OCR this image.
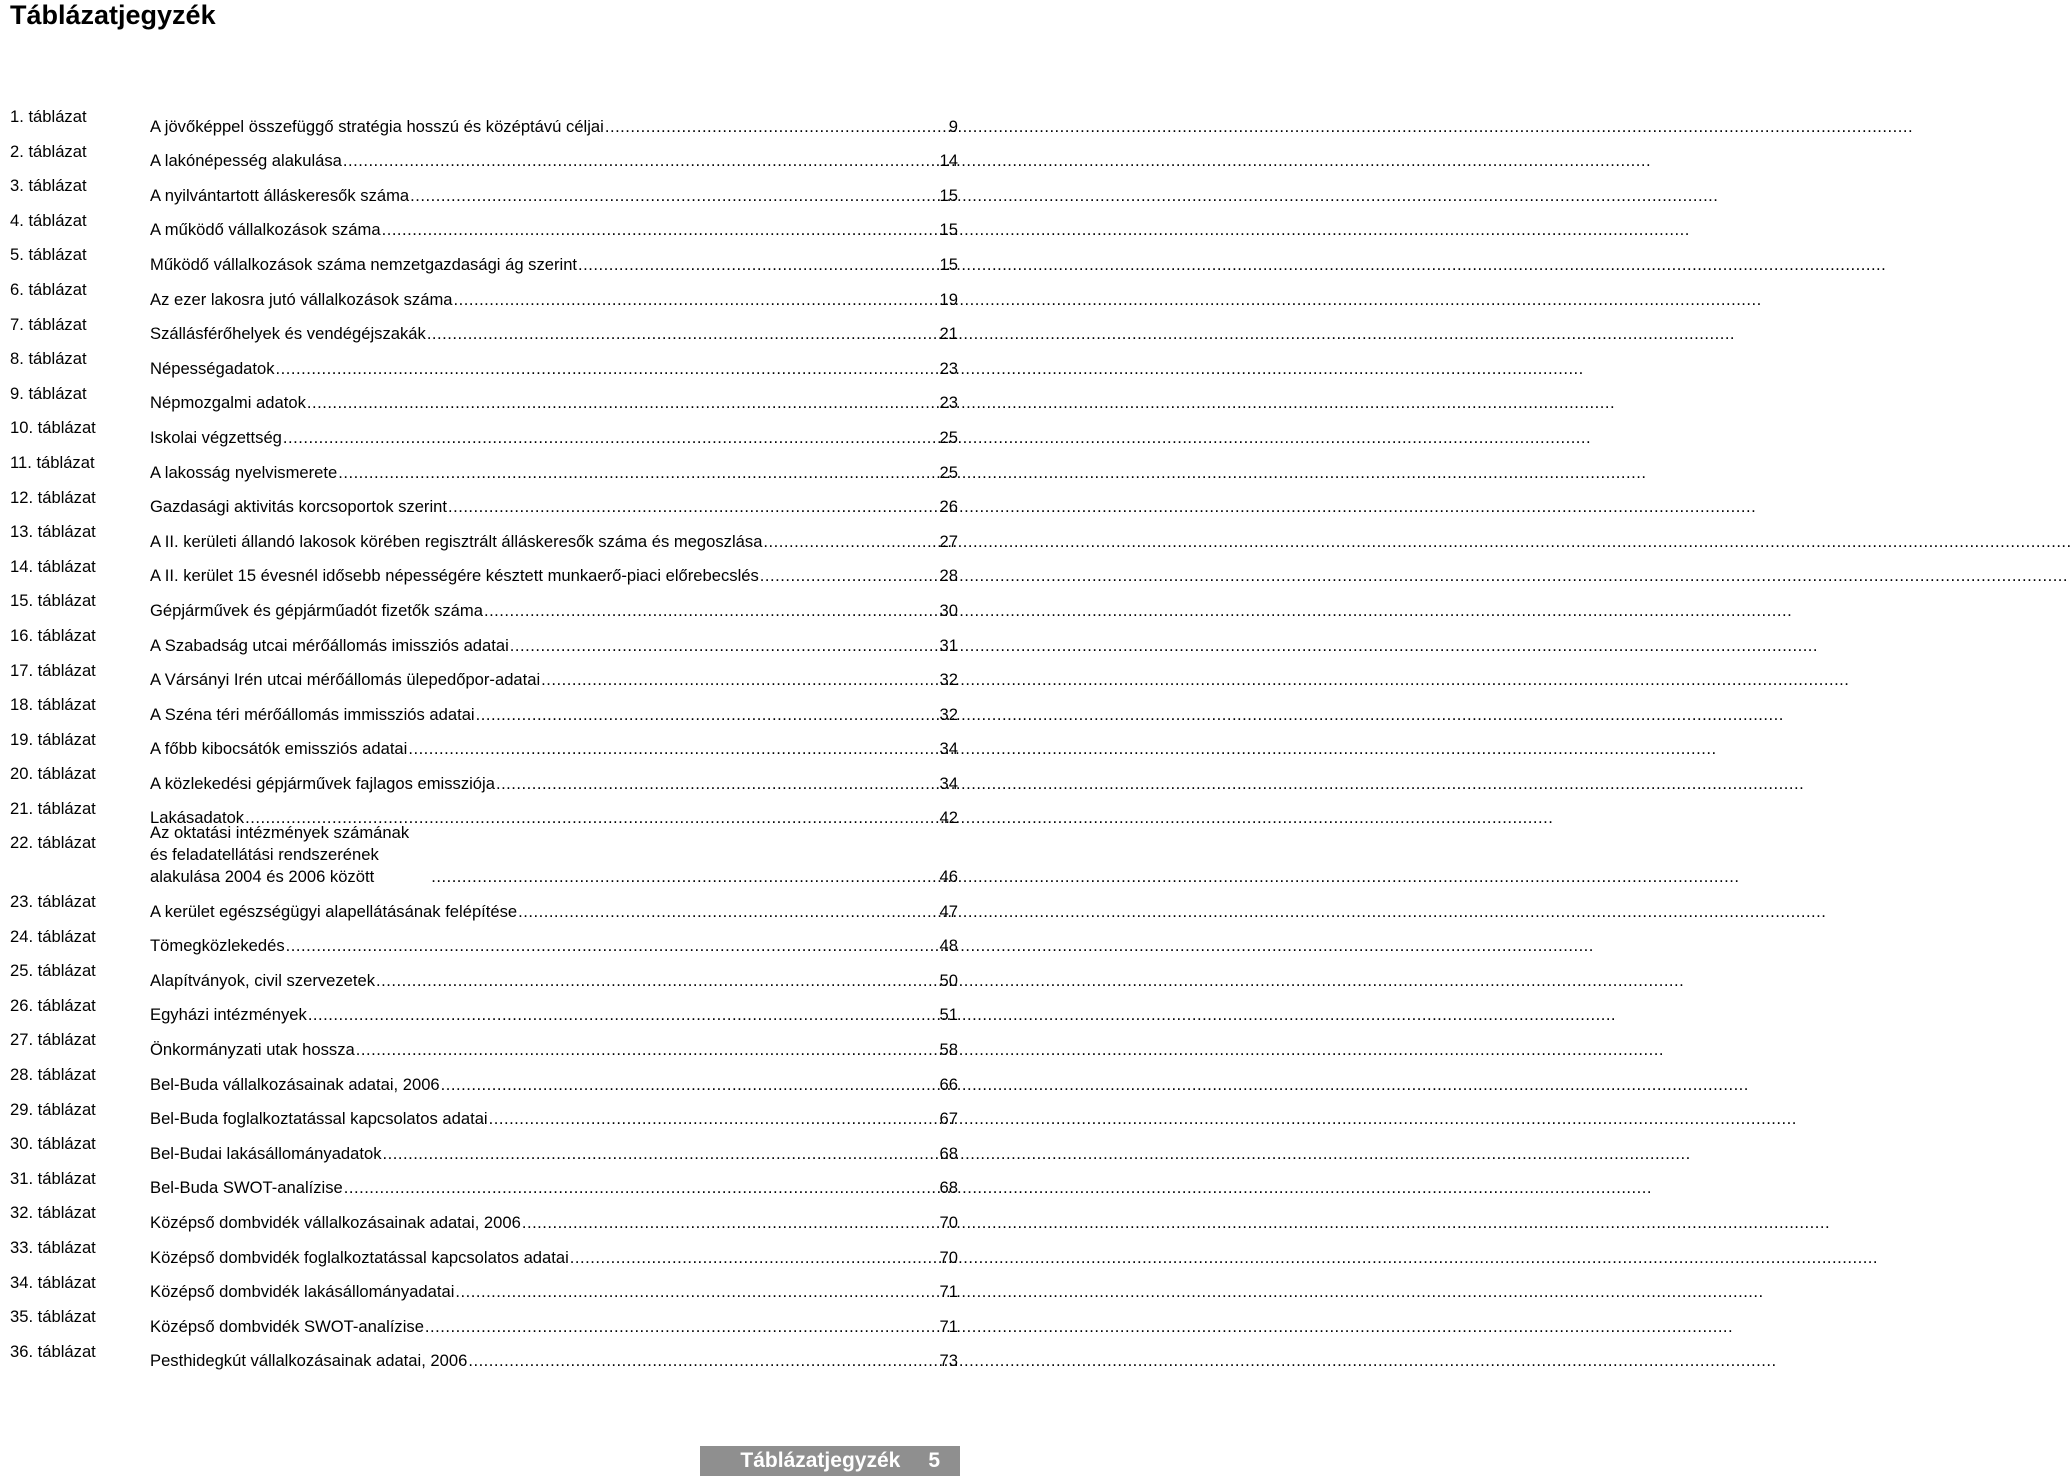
Táblázatjegyzék
1. táblázat
A jövőképpel összefüggő stratégia hosszú és középtávú céljai .....	9
2. táblázat
A lakónépesség alakulása .....	14
3. táblázat
A nyilvántartott álláskeresők száma .....	15
4. táblázat
A működő vállalkozások száma .....	15
5. táblázat
Működő vállalkozások száma nemzetgazdasági ág szerint .....	15
6. táblázat
Az ezer lakosra jutó vállalkozások száma .....	19
7. táblázat
Szállásférőhelyek és vendégéjszakák .....	21
8. táblázat
Népességadatok .....	23
9. táblázat
Népmozgalmi adatok .....	23
10. táblázat
Iskolai végzettség .....	25
11. táblázat
A lakosság nyelvismerete .....	25
12. táblázat
Gazdasági aktivitás korcsoportok szerint .....	26
13. táblázat
A II. kerületi állandó lakosok körében regisztrált álláskeresők száma és megoszlása .....	27
14. táblázat
A II. kerület 15 évesnél idősebb népességére késztett munkaerő-piaci előrebecslés .....	28
15. táblázat
Gépjárművek és gépjárműadót fizetők száma .....	30
16. táblázat
A Szabadság utcai mérőállomás imissziós adatai .....	31
17. táblázat
A Vársányi Irén utcai mérőállomás ülepedőpor-adatai .....	32
18. táblázat
A Széna téri mérőállomás immissziós adatai .....	32
19. táblázat
A főbb kibocsátók emissziós adatai .....	34
20. táblázat
A közlekedési gépjárművek fajlagos emissziója .....	34
21. táblázat
Lakásadatok .....	42
22. táblázat
Az oktatási intézmények számának és feladatellátási rendszerének alakulása 2004 és 2006 között .....	46
23. táblázat
A kerület egészségügyi alapellátásának felépítése .....	47
24. táblázat
Tömegközlekedés .....	48
25. táblázat
Alapítványok, civil szervezetek .....	50
26. táblázat
Egyházi intézmények .....	51
27. táblázat
Önkormányzati utak hossza .....	58
28. táblázat
Bel-Buda vállalkozásainak adatai, 2006 .....	66
29. táblázat
Bel-Buda foglalkoztatással kapcsolatos adatai .....	67
30. táblázat
Bel-Budai lakásállományadatok .....	68
31. táblázat
Bel-Buda SWOT-analízise .....	68
32. táblázat
Középső dombvidék vállalkozásainak adatai, 2006 .....	70
33. táblázat
Középső dombvidék foglalkoztatással kapcsolatos adatai .....	70
34. táblázat
Középső dombvidék lakásállományadatai .....	71
35. táblázat
Középső dombvidék SWOT-analízise .....	71
36. táblázat
Pesthidegkút vállalkozásainak adatai, 2006 .....	73
Táblázatjegyzék 5
